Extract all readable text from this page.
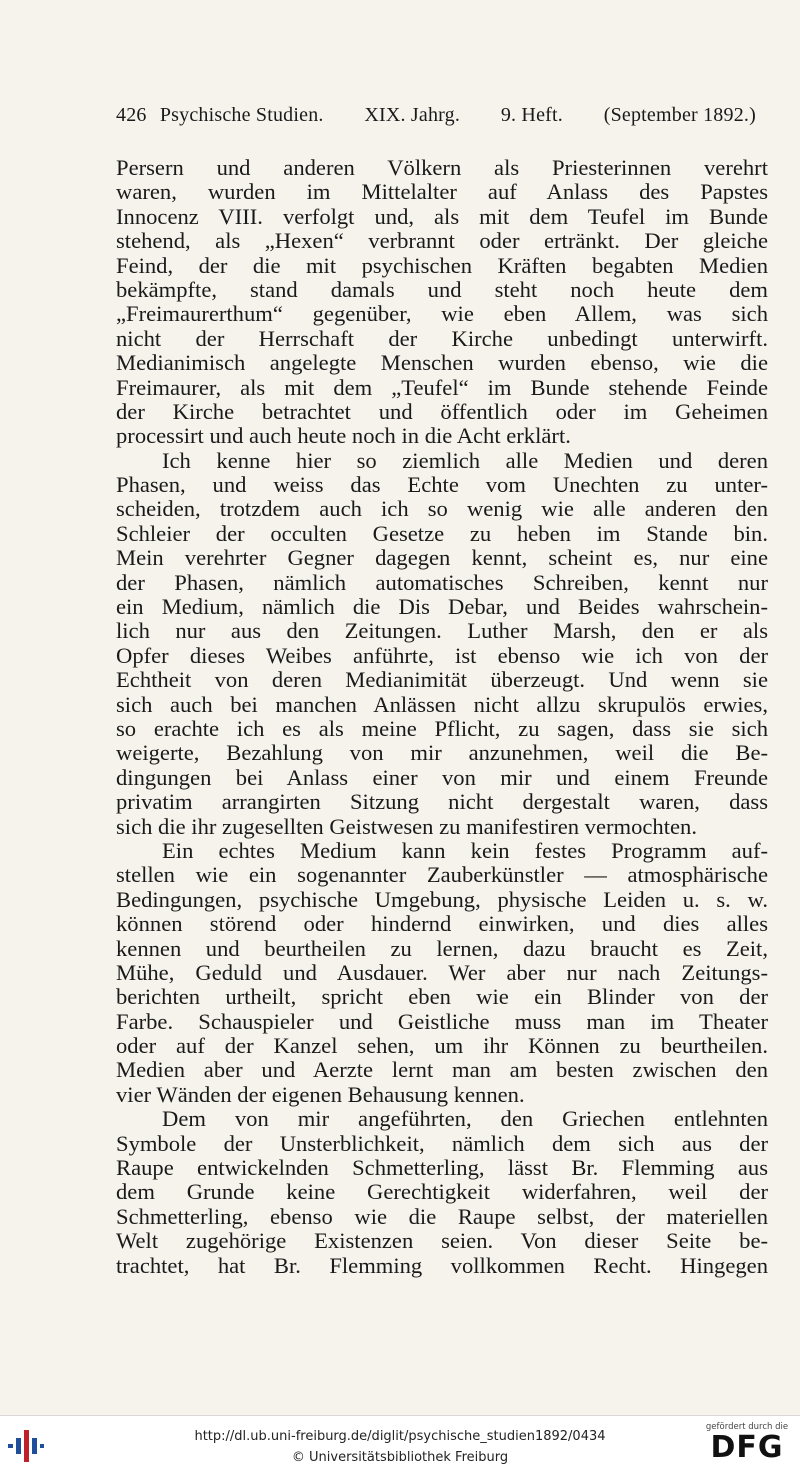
426 Psychische Studien. XIX. Jahrg. 9. Heft. (September 1892.)
Persern und anderen Völkern als Priesterinnen verehrt
waren, wurden im Mittelalter auf Anlass des Papstes
Innocenz VIII. verfolgt und, als mit dem Teufel im Bunde
stehend, als „Hexen“ verbrannt oder ertränkt. Der gleiche
Feind, der die mit psychischen Kräften begabten Medien
bekämpfte, stand damals und steht noch heute dem
„Freimaurerthum“ gegenüber, wie eben Allem, was sich
nicht der Herrschaft der Kirche unbedingt unterwirft.
Medianimisch angelegte Menschen wurden ebenso, wie die
Freimaurer, als mit dem „Teufel“ im Bunde stehende Feinde
der Kirche betrachtet und öffentlich oder im Geheimen
processirt und auch heute noch in die Acht erklärt.
Ich kenne hier so ziemlich alle Medien und deren
Phasen, und weiss das Echte vom Unechten zu unter-
scheiden, trotzdem auch ich so wenig wie alle anderen den
Schleier der occulten Gesetze zu heben im Stande bin.
Mein verehrter Gegner dagegen kennt, scheint es, nur eine
der Phasen, nämlich automatisches Schreiben, kennt nur
ein Medium, nämlich die Dis Debar, und Beides wahrschein-
lich nur aus den Zeitungen. Luther Marsh, den er als
Opfer dieses Weibes anführte, ist ebenso wie ich von der
Echtheit von deren Medianimität überzeugt. Und wenn sie
sich auch bei manchen Anlässen nicht allzu skrupulös erwies,
so erachte ich es als meine Pflicht, zu sagen, dass sie sich
weigerte, Bezahlung von mir anzunehmen, weil die Be-
dingungen bei Anlass einer von mir und einem Freunde
privatim arrangirten Sitzung nicht dergestalt waren, dass
sich die ihr zugesellten Geistwesen zu manifestiren vermochten.
Ein echtes Medium kann kein festes Programm auf-
stellen wie ein sogenannter Zauberkünstler — atmosphärische
Bedingungen, psychische Umgebung, physische Leiden u. s. w.
können störend oder hindernd einwirken, und dies alles
kennen und beurtheilen zu lernen, dazu braucht es Zeit,
Mühe, Geduld und Ausdauer. Wer aber nur nach Zeitungs-
berichten urtheilt, spricht eben wie ein Blinder von der
Farbe. Schauspieler und Geistliche muss man im Theater
oder auf der Kanzel sehen, um ihr Können zu beurtheilen.
Medien aber und Aerzte lernt man am besten zwischen den
vier Wänden der eigenen Behausung kennen.
Dem von mir angeführten, den Griechen entlehnten
Symbole der Unsterblichkeit, nämlich dem sich aus der
Raupe entwickelnden Schmetterling, lässt Br. Flemming aus
dem Grunde keine Gerechtigkeit widerfahren, weil der
Schmetterling, ebenso wie die Raupe selbst, der materiellen
Welt zugehörige Existenzen seien. Von dieser Seite be-
trachtet, hat Br. Flemming vollkommen Recht. Hingegen
http://dl.ub.uni-freiburg.de/diglit/psychische_studien1892/0434
© Universitätsbibliothek Freiburg
gefördert durch die
DFG
